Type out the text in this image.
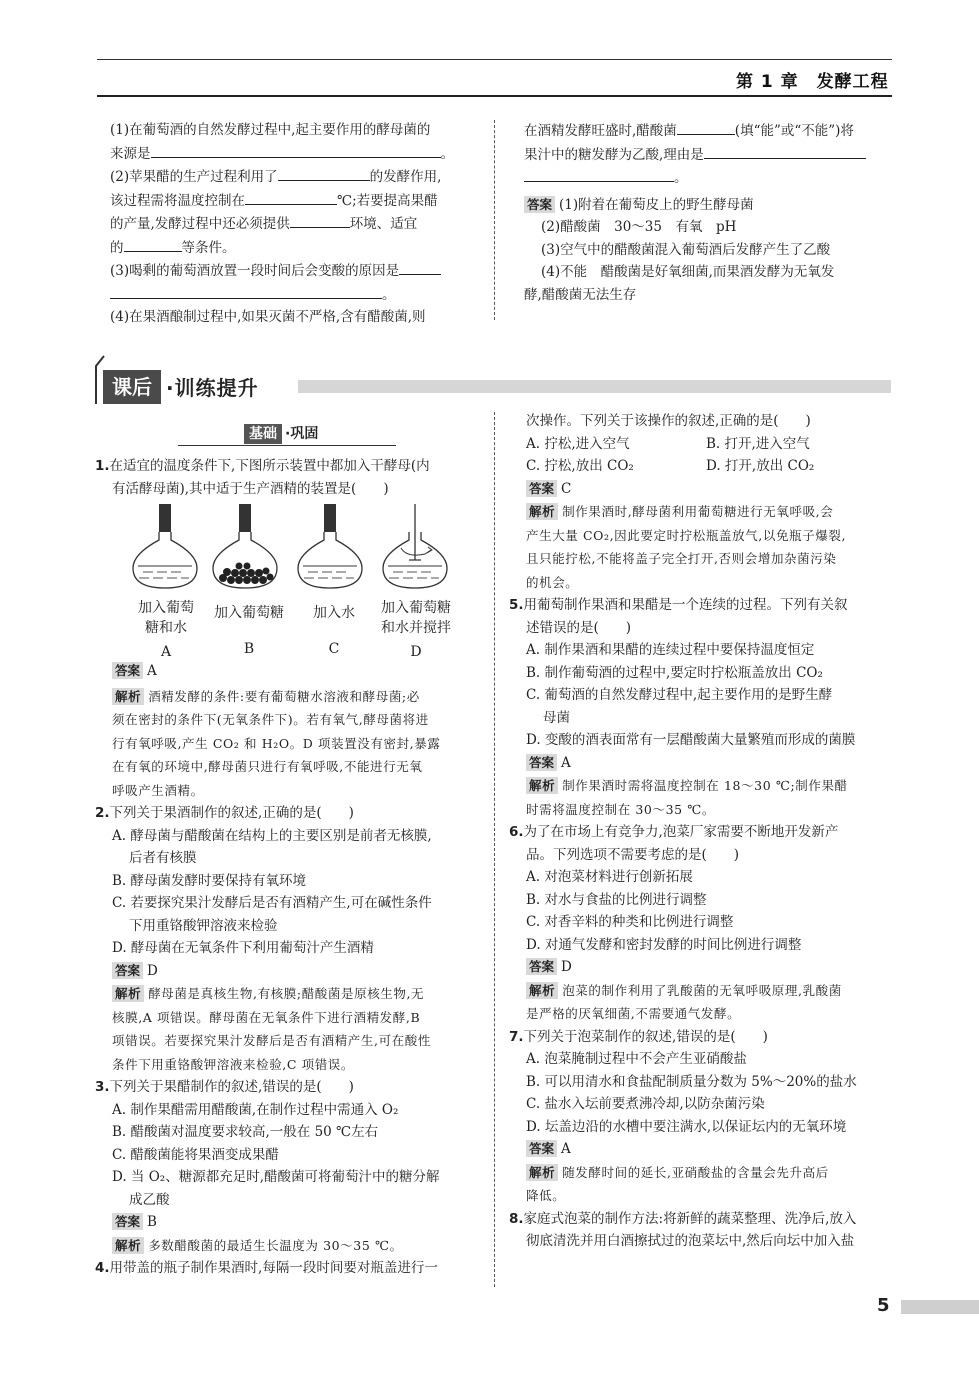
第 1 章　发酵工程

(1)在葡萄酒的自然发酵过程中,起主要作用的酵母菌的

来源是	。

(2)苹果醋的生产过程利用了	的发酵作用,

该过程需将温度控制在	℃;若要提高果醋

的产量,发酵过程中还必须提供	环境、适宜

的	等条件。

(3)喝剩的葡萄酒放置一段时间后会变酸的原因是

。

(4)在果酒酿制过程中,如果灭菌不严格,含有醋酸菌,则

在酒精发酵旺盛时,醋酸菌	(填“能”或“不能”)将

果汁中的糖发酵为乙酸,理由是

。

答案 (1)附着在葡萄皮上的野生酵母菌

(2)醋酸菌　30～35　有氧　pH

(3)空气中的醋酸菌混入葡萄酒后发酵产生了乙酸

(4)不能　醋酸菌是好氧细菌,而果酒发酵为无氧发

酵,醋酸菌无法生存

课后 ·训练提升
基础 ·巩固

1.在适宜的温度条件下,下图所示装置中都加入干酵母(内

有活酵母菌),其中适于生产酒精的装置是(　　)

加入葡萄
糖和水
A
加入葡萄糖
B
加入水
C
加入葡萄糖
和水并搅拌
D

答案 A

解析 酒精发酵的条件:要有葡萄糖水溶液和酵母菌;必
须在密封的条件下(无氧条件下)。若有氧气,酵母菌将进
行有氧呼吸,产生 CO₂ 和 H₂O。D 项装置没有密封,暴露
在有氧的环境中,酵母菌只进行有氧呼吸,不能进行无氧
呼吸产生酒精。

2.下列关于果酒制作的叙述,正确的是(　　)

A. 酵母菌与醋酸菌在结构上的主要区别是前者无核膜,

后者有核膜

B. 酵母菌发酵时要保持有氧环境

C. 若要探究果汁发酵后是否有酒精产生,可在碱性条件

下用重铬酸钾溶液来检验

D. 酵母菌在无氧条件下利用葡萄汁产生酒精

答案 D

解析 酵母菌是真核生物,有核膜;醋酸菌是原核生物,无
核膜,A 项错误。酵母菌在无氧条件下进行酒精发酵,B
项错误。若要探究果汁发酵后是否有酒精产生,可在酸性
条件下用重铬酸钾溶液来检验,C 项错误。

3.下列关于果醋制作的叙述,错误的是(　　)

A. 制作果醋需用醋酸菌,在制作过程中需通入 O₂

B. 醋酸菌对温度要求较高,一般在 50 ℃左右

C. 醋酸菌能将果酒变成果醋

D. 当 O₂、糖源都充足时,醋酸菌可将葡萄汁中的糖分解

成乙酸

答案 B

解析 多数醋酸菌的最适生长温度为 30～35 ℃。

4.用带盖的瓶子制作果酒时,每隔一段时间要对瓶盖进行一

次操作。下列关于该操作的叙述,正确的是(　　)

A. 拧松,进入空气	B. 打开,进入空气

C. 拧松,放出 CO₂	D. 打开,放出 CO₂

答案 C

解析 制作果酒时,酵母菌利用葡萄糖进行无氧呼吸,会
产生大量 CO₂,因此要定时拧松瓶盖放气,以免瓶子爆裂,
且只能拧松,不能将盖子完全打开,否则会增加杂菌污染
的机会。

5.用葡萄制作果酒和果醋是一个连续的过程。下列有关叙

述错误的是(　　)

A. 制作果酒和果醋的连续过程中要保持温度恒定

B. 制作葡萄酒的过程中,要定时拧松瓶盖放出 CO₂

C. 葡萄酒的自然发酵过程中,起主要作用的是野生酵

母菌

D. 变酸的酒表面常有一层醋酸菌大量繁殖而形成的菌膜

答案 A

解析 制作果酒时需将温度控制在 18～30 ℃;制作果醋
时需将温度控制在 30～35 ℃。

6.为了在市场上有竞争力,泡菜厂家需要不断地开发新产

品。下列选项不需要考虑的是(　　)

A. 对泡菜材料进行创新拓展

B. 对水与食盐的比例进行调整

C. 对香辛料的种类和比例进行调整

D. 对通气发酵和密封发酵的时间比例进行调整

答案 D

解析 泡菜的制作利用了乳酸菌的无氧呼吸原理,乳酸菌
是严格的厌氧细菌,不需要通气发酵。

7.下列关于泡菜制作的叙述,错误的是(　　)

A. 泡菜腌制过程中不会产生亚硝酸盐

B. 可以用清水和食盐配制质量分数为 5%～20%的盐水

C. 盐水入坛前要煮沸冷却,以防杂菌污染

D. 坛盖边沿的水槽中要注满水,以保证坛内的无氧环境

答案 A

解析 随发酵时间的延长,亚硝酸盐的含量会先升高后
降低。

8.家庭式泡菜的制作方法:将新鲜的蔬菜整理、洗净后,放入

彻底清洗并用白酒擦拭过的泡菜坛中,然后向坛中加入盐

5
